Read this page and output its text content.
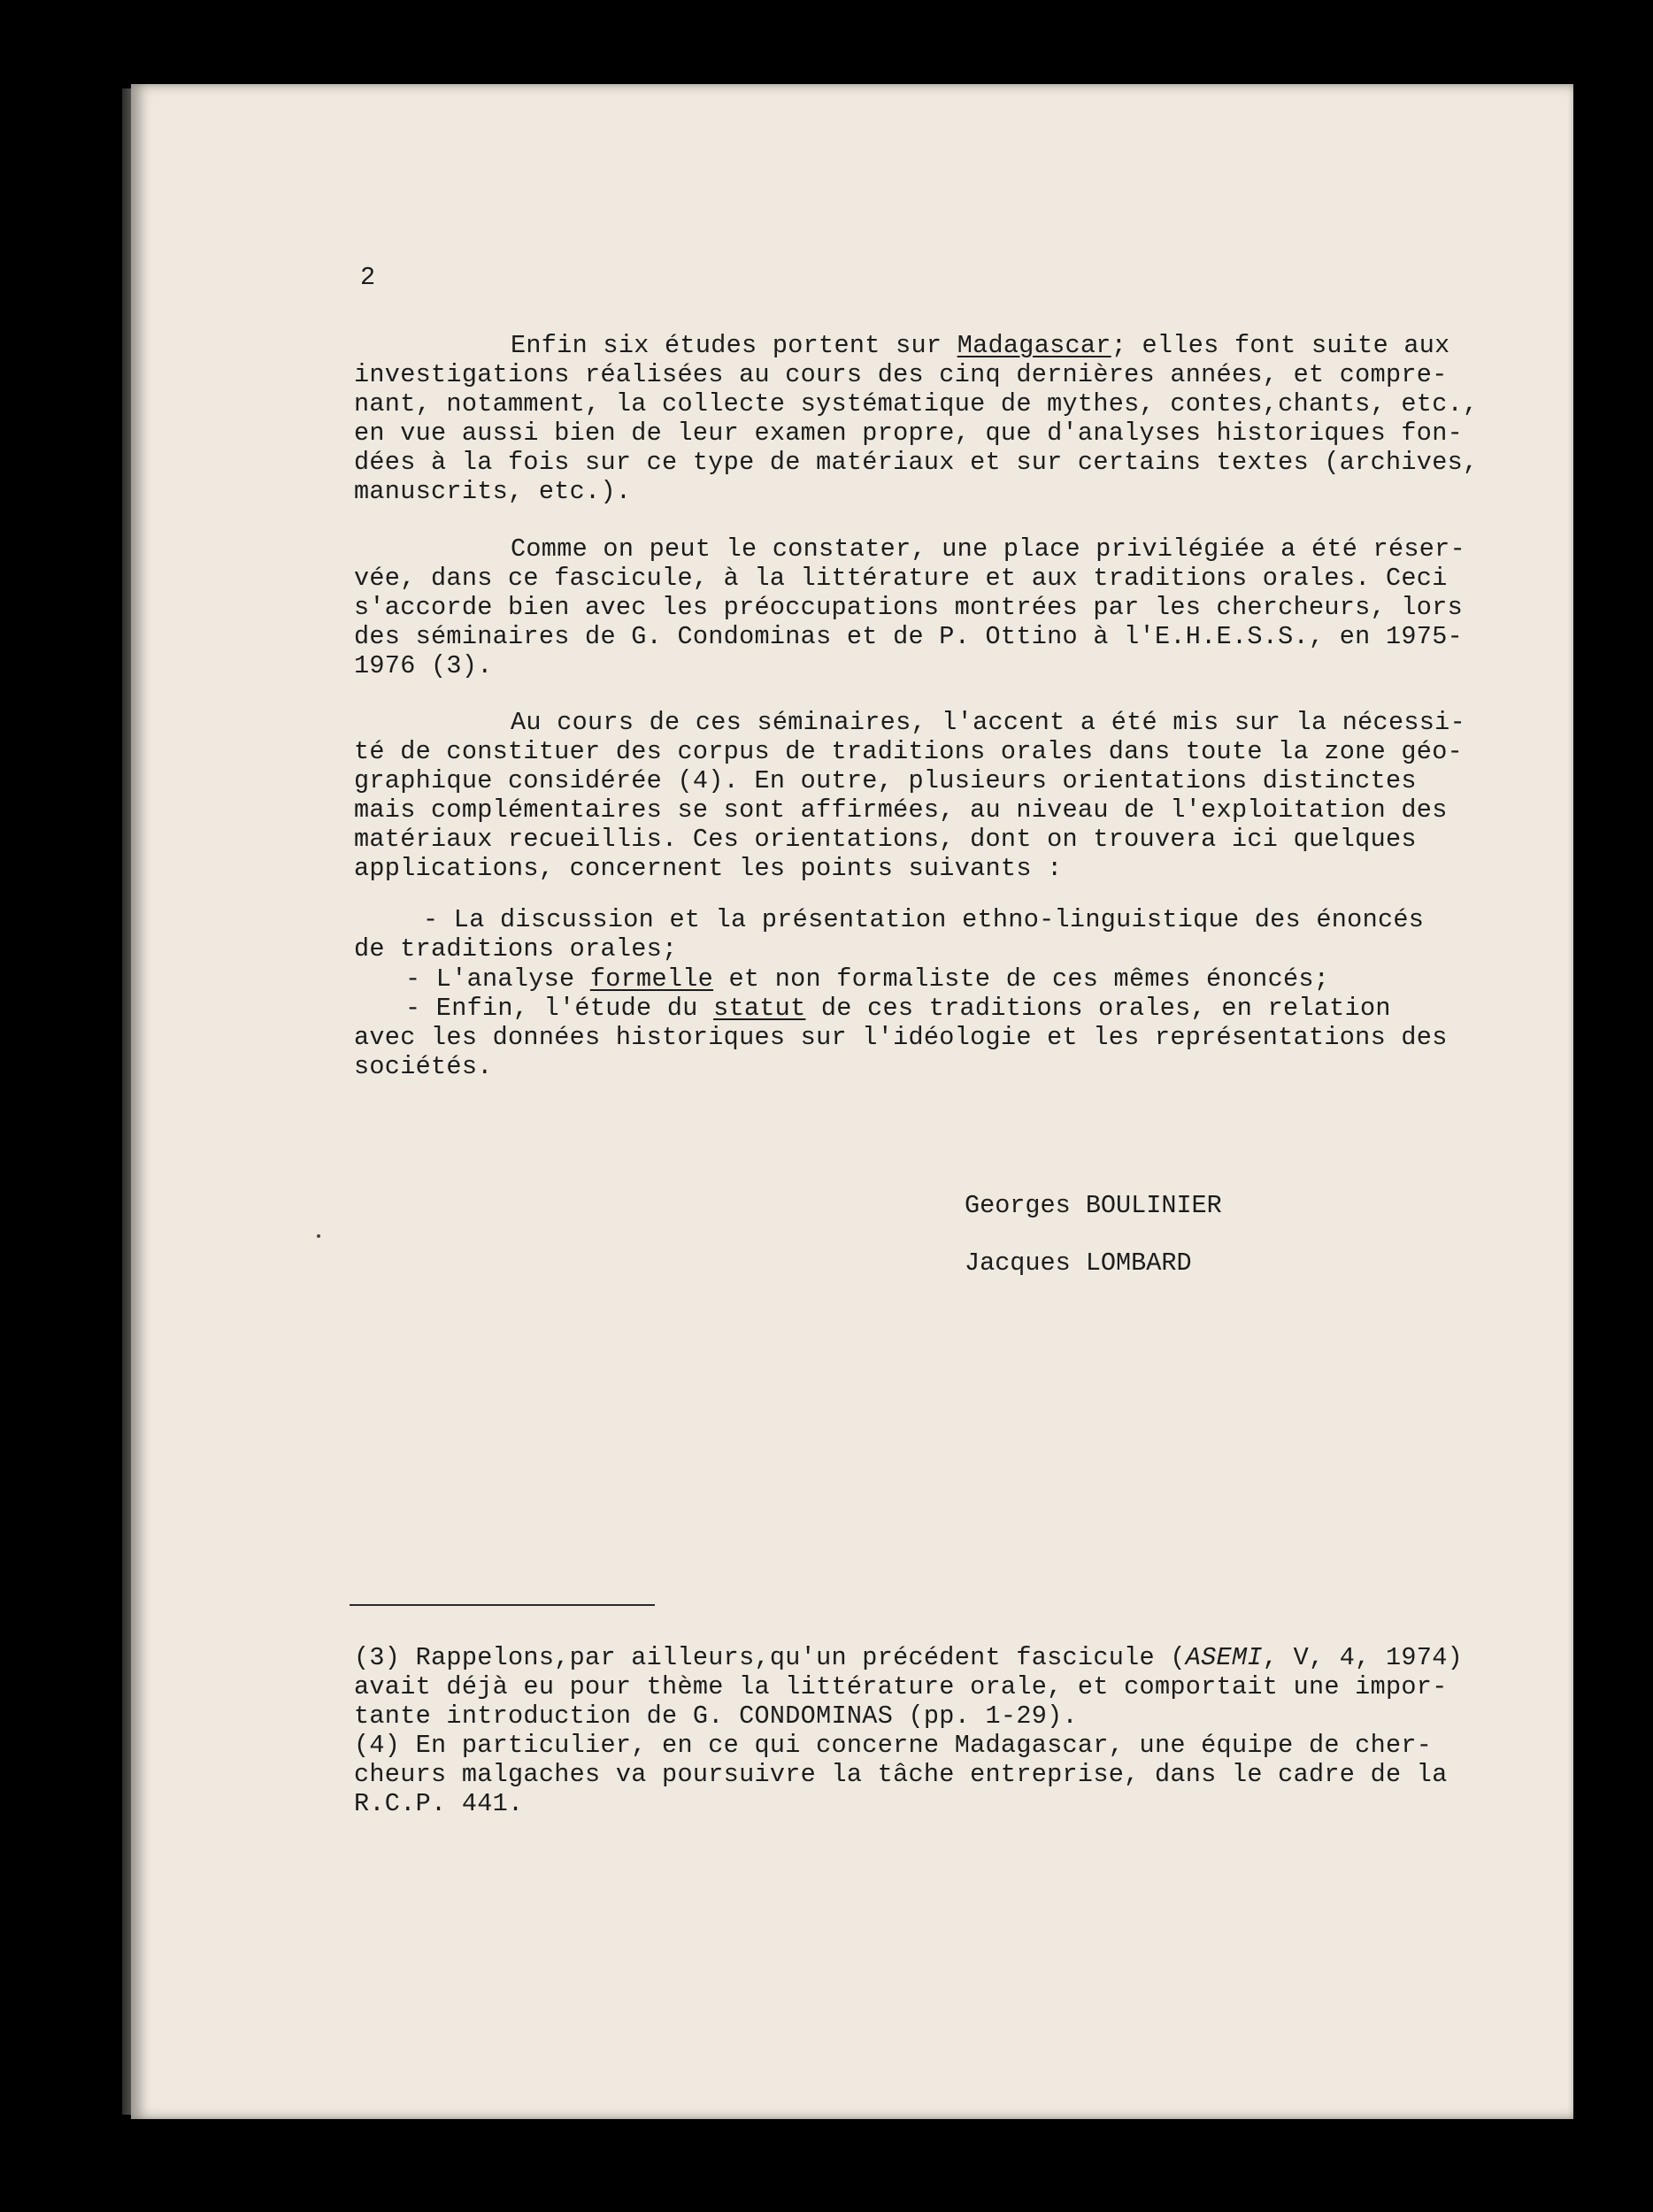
2
Enfin six études portent sur Madagascar; elles font suite aux
investigations réalisées au cours des cinq dernières années, et compre-
nant, notamment, la collecte systématique de mythes, contes,chants, etc.,
en vue aussi bien de leur examen propre, que d'analyses historiques fon-
dées à la fois sur ce type de matériaux et sur certains textes (archives,
manuscrits, etc.).
Comme on peut le constater, une place privilégiée a été réser-
vée, dans ce fascicule, à la littérature et aux traditions orales. Ceci
s'accorde bien avec les préoccupations montrées par les chercheurs, lors
des séminaires de G. Condominas et de P. Ottino à l'E.H.E.S.S., en 1975-
1976 (3).
Au cours de ces séminaires, l'accent a été mis sur la nécessi-
té de constituer des corpus de traditions orales dans toute la zone géo-
graphique considérée (4). En outre, plusieurs orientations distinctes
mais complémentaires se sont affirmées, au niveau de l'exploitation des
matériaux recueillis. Ces orientations, dont on trouvera ici quelques
applications, concernent les points suivants :
- La discussion et la présentation ethno-linguistique des énoncés
de traditions orales;
- L'analyse formelle et non formaliste de ces mêmes énoncés;
- Enfin, l'étude du statut de ces traditions orales, en relation
avec les données historiques sur l'idéologie et les représentations des
sociétés.
Georges BOULINIER
Jacques LOMBARD
(3) Rappelons,par ailleurs,qu'un précédent fascicule (ASEMI, V, 4, 1974)
avait déjà eu pour thème la littérature orale, et comportait une impor-
tante introduction de G. CONDOMINAS (pp. 1-29).
(4) En particulier, en ce qui concerne Madagascar, une équipe de cher-
cheurs malgaches va poursuivre la tâche entreprise, dans le cadre de la
R.C.P. 441.
